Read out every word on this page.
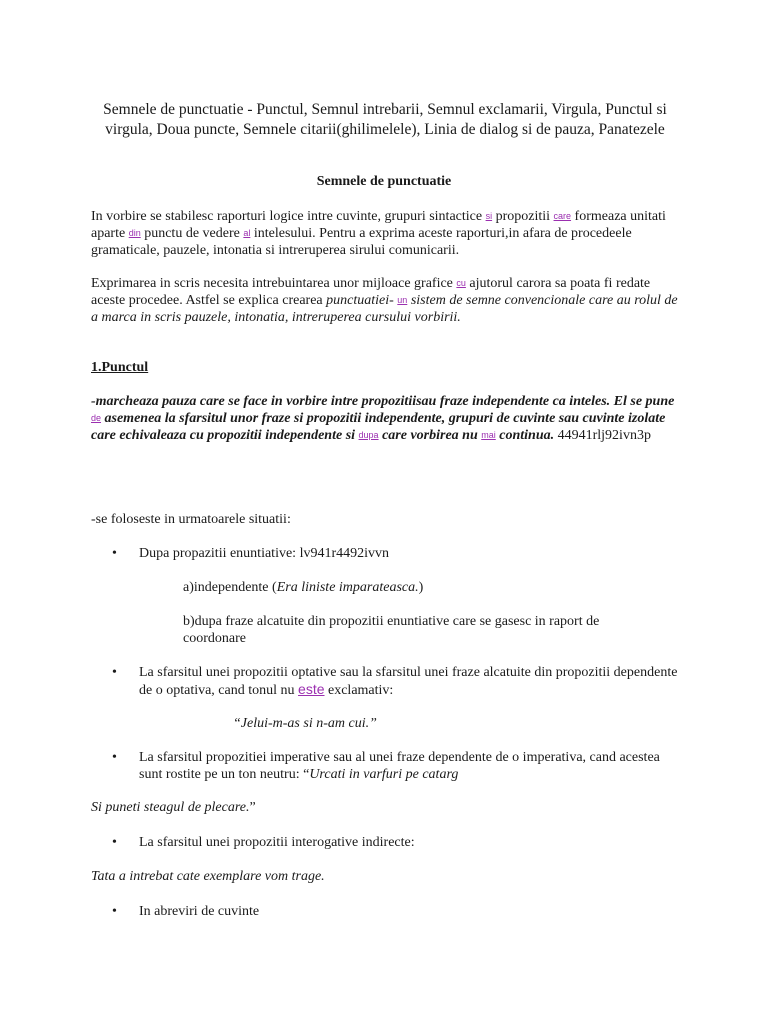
Semnele de punctuatie - Punctul, Semnul intrebarii, Semnul exclamarii, Virgula, Punctul si virgula, Doua puncte, Semnele citarii(ghilimelele), Linia de dialog si de pauza, Panatezele
Semnele de punctuatie
In vorbire se stabilesc raporturi logice intre cuvinte, grupuri sintactice si propozitii care formeaza unitati aparte din punctu de vedere al intelesului. Pentru a exprima aceste raporturi,in afara de procedeele gramaticale, pauzele, intonatia si intreruperea sirului comunicarii.
Exprimarea in scris necesita intrebuintarea unor mijloace grafice cu ajutorul carora sa poata fi redate aceste procedee. Astfel se explica crearea punctuatiei- un sistem de semne convencionale care au rolul de a marca in scris pauzele, intonatia, intreruperea cursului vorbirii.
1.Punctul
-marcheaza pauza care se face in vorbire intre propozitiisau fraze independente ca inteles. El se pune de asemenea la sfarsitul unor fraze si propozitii independente, grupuri de cuvinte sau cuvinte izolate care echivaleaza cu propozitii independente si dupa care vorbirea nu mai continua. 44941rlj92ivn3p
-se foloseste in urmatoarele situatii:
• Dupa propazitii enuntiative: lv941r4492ivvn
a)independente (Era liniste imparateasca.)
b)dupa fraze alcatuite din propozitii enuntiative care se gasesc in raport de coordonare
• La sfarsitul unei propozitii optative sau la sfarsitul unei fraze alcatuite din propozitii dependente de o optativa, cand tonul nu este exclamativ:
“Jelui-m-as si n-am cui.”
• La sfarsitul propozitiei imperative sau al unei fraze dependente de o imperativa, cand acestea sunt rostite pe un ton neutru: “Urcati in varfuri pe catarg
Si puneti steagul de plecare.”
• La sfarsitul unei propozitii interogative indirecte:
Tata a intrebat cate exemplare vom trage.
• In abreviri de cuvinte
